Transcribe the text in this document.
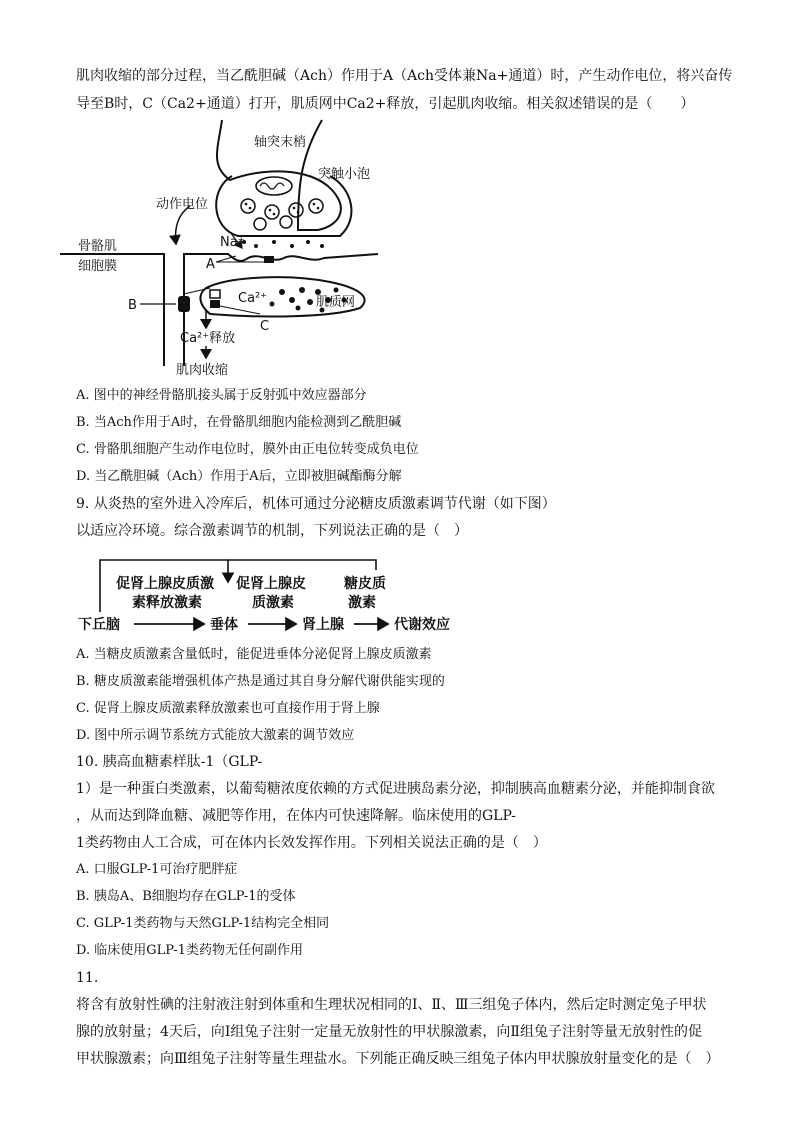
肌肉收缩的部分过程，当乙酰胆碱（Ach）作用于A（Ach受体兼Na+通道）时，产生动作电位，将兴奋传
导至B时，C（Ca2+通道）打开，肌质网中Ca2+释放，引起肌肉收缩。相关叙述错误的是（　　）
轴突末梢
突触小泡
动作电位
骨骼肌
细胞膜
Na⁺
A
B
C
Ca²⁺	肌质网
Ca²⁺释放
肌肉收缩
A. 图中的神经骨骼肌接头属于反射弧中效应器部分
B. 当Ach作用于A时，在骨骼肌细胞内能检测到乙酰胆碱
C. 骨骼肌细胞产生动作电位时，膜外由正电位转变成负电位
D. 当乙酰胆碱（Ach）作用于A后，立即被胆碱酯酶分解
9. 从炎热的室外进入冷库后，机体可通过分泌糖皮质激素调节代谢（如下图）
以适应冷环境。综合激素调节的机制，下列说法正确的是（　）
下丘脑	垂体	肾上腺	代谢效应
促肾上腺皮质激
素释放激素
促肾上腺皮
质激素
糖皮质
激素
A. 当糖皮质激素含量低时，能促进垂体分泌促肾上腺皮质激素
B. 糖皮质激素能增强机体产热是通过其自身分解代谢供能实现的
C. 促肾上腺皮质激素释放激素也可直接作用于肾上腺
D. 图中所示调节系统方式能放大激素的调节效应
10. 胰高血糖素样肽-1（GLP-
1）是一种蛋白类激素，以葡萄糖浓度依赖的方式促进胰岛素分泌，抑制胰高血糖素分泌，并能抑制食欲
，从而达到降血糖、减肥等作用，在体内可快速降解。临床使用的GLP-
1类药物由人工合成，可在体内长效发挥作用。下列相关说法正确的是（　）
A. 口服GLP-1可治疗肥胖症
B. 胰岛A、B细胞均存在GLP-1的受体
C. GLP-1类药物与天然GLP-1结构完全相同
D. 临床使用GLP-1类药物无任何副作用
11.
将含有放射性碘的注射液注射到体重和生理状况相同的Ⅰ、Ⅱ、Ⅲ三组兔子体内，然后定时测定兔子甲状
腺的放射量；4天后，向Ⅰ组兔子注射一定量无放射性的甲状腺激素，向Ⅱ组兔子注射等量无放射性的促
甲状腺激素；向Ⅲ组兔子注射等量生理盐水。下列能正确反映三组兔子体内甲状腺放射量变化的是（　）
